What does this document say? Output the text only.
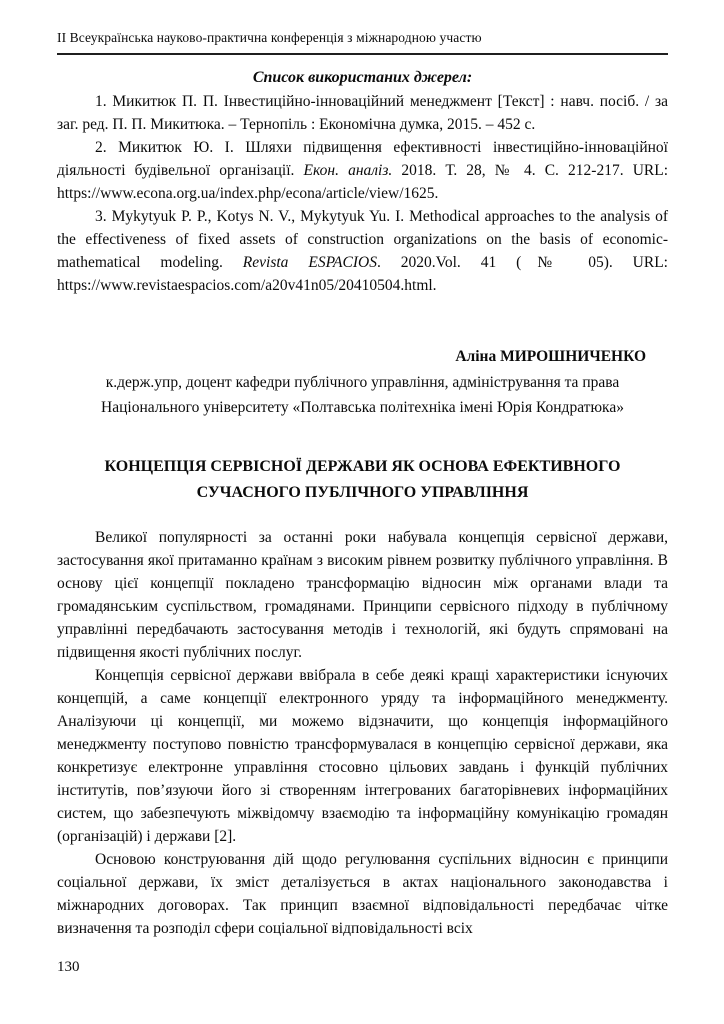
ІІ Всеукраїнська науково-практична конференція з міжнародною участю
Список використаних джерел:

1. Микитюк П. П. Інвестиційно-інноваційний менеджмент [Текст] : навч. посіб. / за заг. ред. П. П. Микитюка. – Тернопіль : Економічна думка, 2015. – 452 с.

2. Микитюк Ю. І. Шляхи підвищення ефективності інвестиційно-інноваційної діяльності будівельної організації. Екон. аналіз. 2018. Т. 28, № 4. С. 212-217. URL: https://www.econa.org.ua/index.php/econa/article/view/1625.

3. Mykytyuk P. P., Kotys N. V., Mykytyuk Yu. I. Methodical approaches to the analysis of the effectiveness of fixed assets of construction organizations on the basis of economic-mathematical modeling. Revista ESPACIOS. 2020.Vol. 41 (№ 05). URL: https://www.revistaespacios.com/a20v41n05/20410504.html.

Аліна МИРОШНИЧЕНКО

к.держ.упр, доцент кафедри публічного управління, адміністрування та права Національного університету «Полтавська політехніка імені Юрія Кондратюка»

КОНЦЕПЦІЯ СЕРВІСНОЇ ДЕРЖАВИ ЯК ОСНОВА ЕФЕКТИВНОГО СУЧАСНОГО ПУБЛІЧНОГО УПРАВЛІННЯ

Великої популярності за останні роки набувала концепція сервісної держави, застосування якої притаманно країнам з високим рівнем розвитку публічного управління. В основу цієї концепції покладено трансформацію відносин між органами влади та громадянським суспільством, громадянами. Принципи сервісного підходу в публічному управлінні передбачають застосування методів і технологій, які будуть спрямовані на підвищення якості публічних послуг.

Концепція сервісної держави ввібрала в себе деякі кращі характеристики існуючих концепцій, а саме концепції електронного уряду та інформаційного менеджменту. Аналізуючи ці концепції, ми можемо відзначити, що концепція інформаційного менеджменту поступово повністю трансформувалася в концепцію сервісної держави, яка конкретизує електронне управління стосовно цільових завдань і функцій публічних інститутів, пов’язуючи його зі створенням інтегрованих багаторівневих інформаційних систем, що забезпечують міжвідомчу взаємодію та інформаційну комунікацію громадян (організацій) і держави [2].

Основою конструювання дій щодо регулювання суспільних відносин є принципи соціальної держави, їх зміст деталізується в актах національного законодавства і міжнародних договорах. Так принцип взаємної відповідальності передбачає чітке визначення та розподіл сфери соціальної відповідальності всіх

130
